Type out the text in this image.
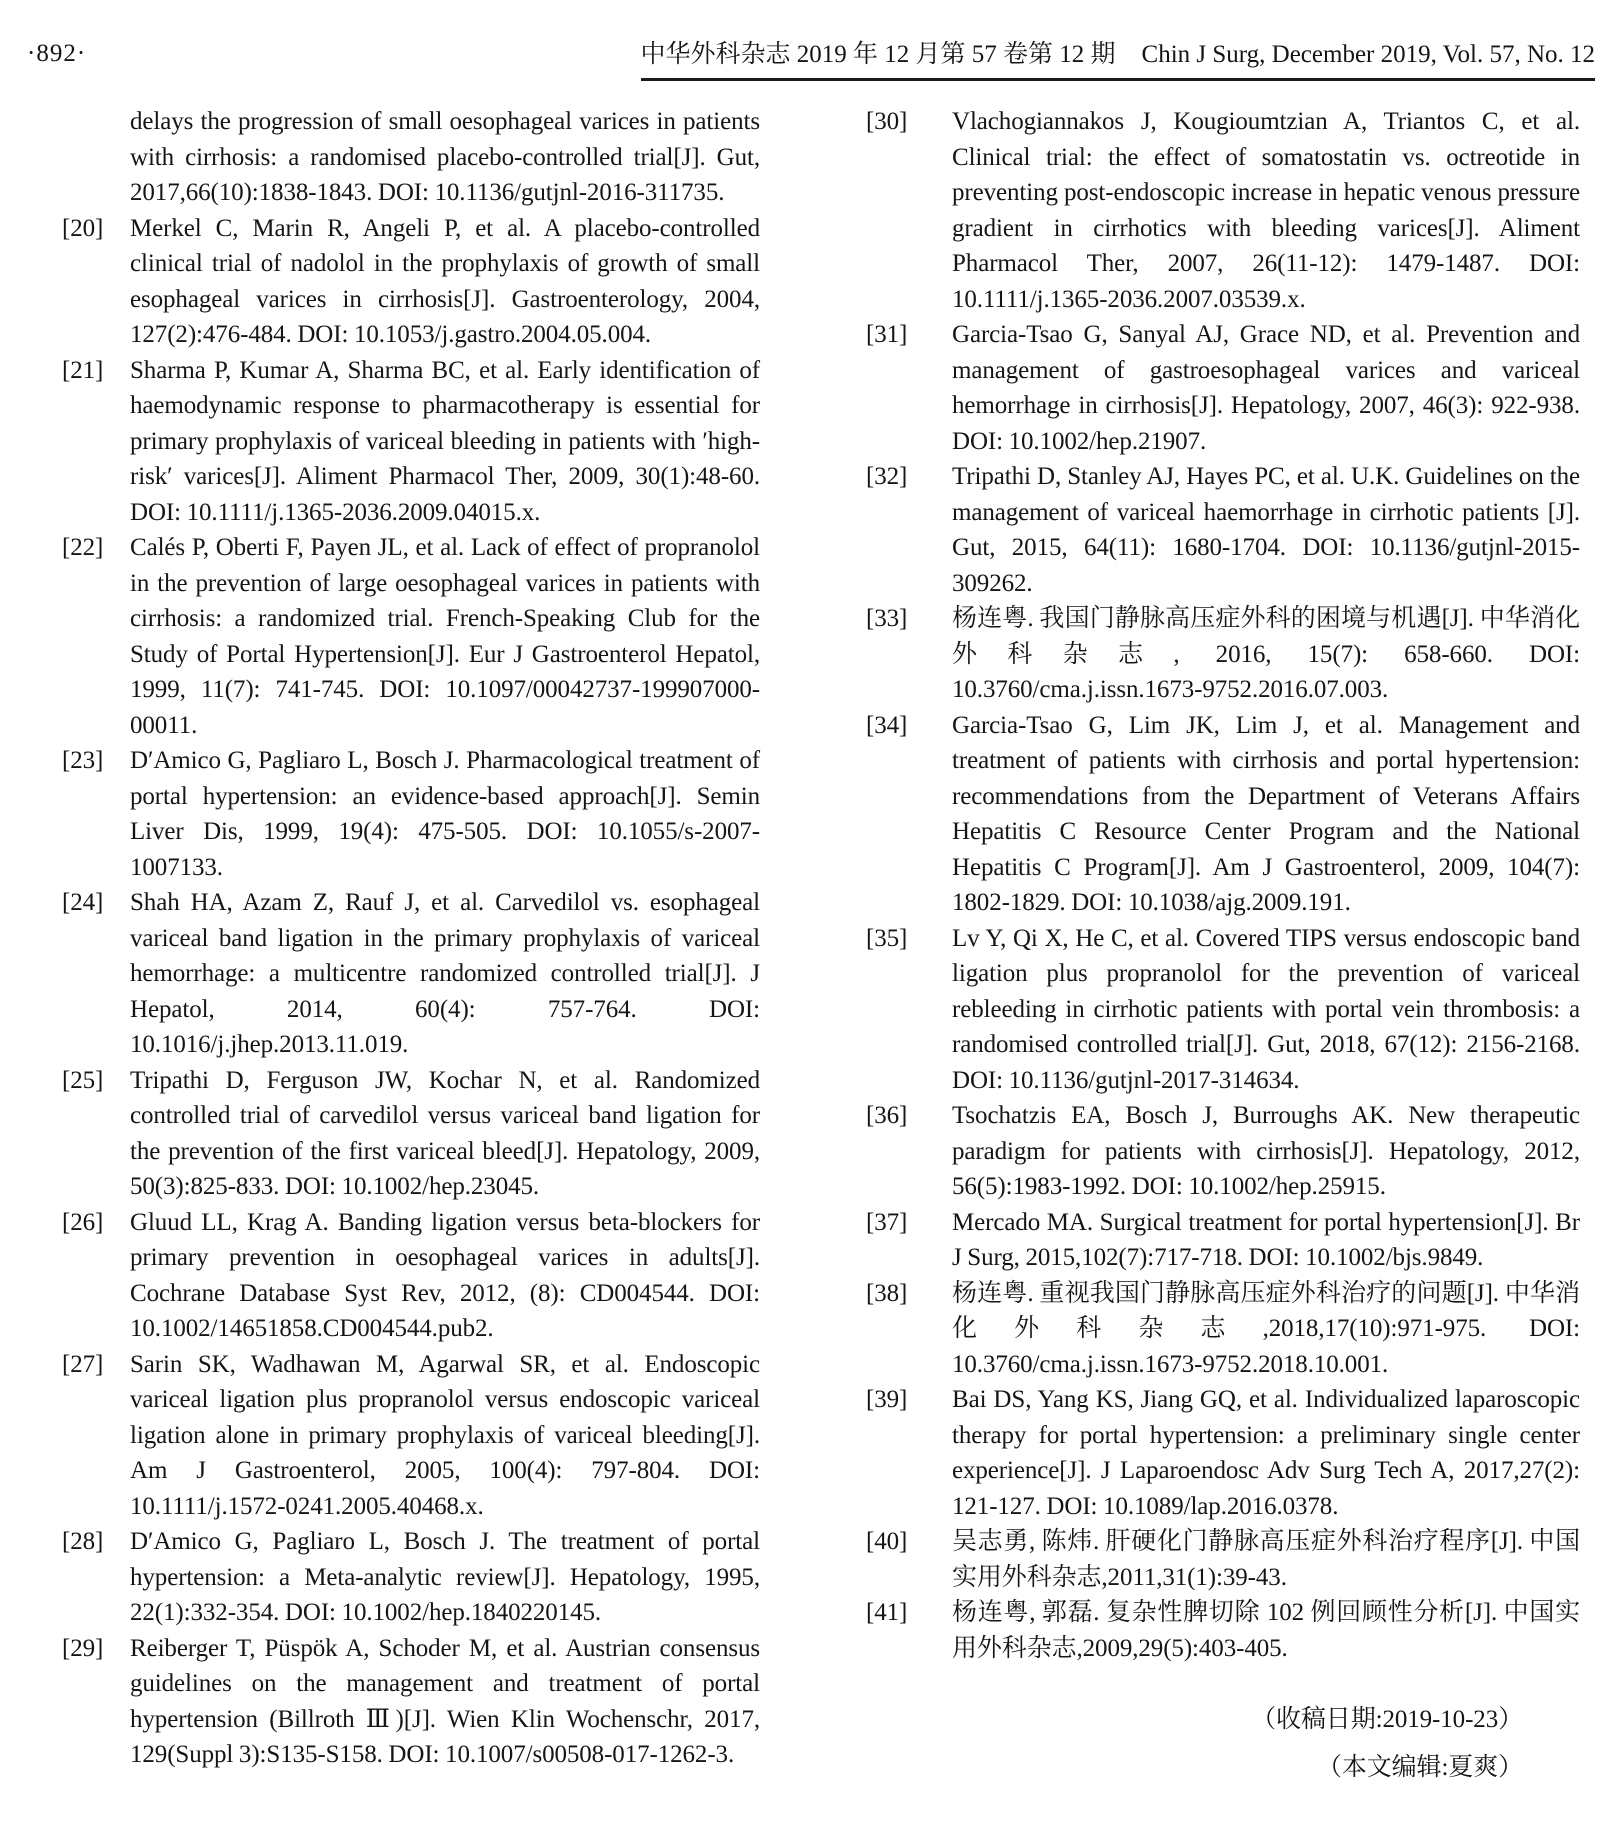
·892·	中华外科杂志 2019 年 12 月第 57 卷第 12 期 Chin J Surg, December 2019, Vol. 57, No. 12
delays the progression of small oesophageal varices in patients with cirrhosis: a randomised placebo-controlled trial[J]. Gut, 2017,66(10):1838-1843. DOI: 10.1136/gutjnl-2016-311735.
[20] Merkel C, Marin R, Angeli P, et al. A placebo-controlled clinical trial of nadolol in the prophylaxis of growth of small esophageal varices in cirrhosis[J]. Gastroenterology, 2004, 127(2):476-484. DOI: 10.1053/j.gastro.2004.05.004.
[21] Sharma P, Kumar A, Sharma BC, et al. Early identification of haemodynamic response to pharmacotherapy is essential for primary prophylaxis of variceal bleeding in patients with ′high-risk′ varices[J]. Aliment Pharmacol Ther, 2009, 30(1):48-60. DOI: 10.1111/j.1365-2036.2009.04015.x.
[22] Calés P, Oberti F, Payen JL, et al. Lack of effect of propranolol in the prevention of large oesophageal varices in patients with cirrhosis: a randomized trial. French-Speaking Club for the Study of Portal Hypertension[J]. Eur J Gastroenterol Hepatol, 1999, 11(7): 741-745. DOI: 10.1097/00042737-199907000-00011.
[23] D′Amico G, Pagliaro L, Bosch J. Pharmacological treatment of portal hypertension: an evidence-based approach[J]. Semin Liver Dis, 1999, 19(4): 475-505. DOI: 10.1055/s-2007-1007133.
[24] Shah HA, Azam Z, Rauf J, et al. Carvedilol vs. esophageal variceal band ligation in the primary prophylaxis of variceal hemorrhage: a multicentre randomized controlled trial[J]. J Hepatol, 2014, 60(4): 757-764. DOI: 10.1016/j.jhep.2013.11.019.
[25] Tripathi D, Ferguson JW, Kochar N, et al. Randomized controlled trial of carvedilol versus variceal band ligation for the prevention of the first variceal bleed[J]. Hepatology, 2009, 50(3):825-833. DOI: 10.1002/hep.23045.
[26] Gluud LL, Krag A. Banding ligation versus beta-blockers for primary prevention in oesophageal varices in adults[J]. Cochrane Database Syst Rev, 2012, (8): CD004544. DOI: 10.1002/14651858.CD004544.pub2.
[27] Sarin SK, Wadhawan M, Agarwal SR, et al. Endoscopic variceal ligation plus propranolol versus endoscopic variceal ligation alone in primary prophylaxis of variceal bleeding[J]. Am J Gastroenterol, 2005, 100(4): 797-804. DOI: 10.1111/j.1572-0241.2005.40468.x.
[28] D′Amico G, Pagliaro L, Bosch J. The treatment of portal hypertension: a Meta-analytic review[J]. Hepatology, 1995, 22(1):332-354. DOI: 10.1002/hep.1840220145.
[29] Reiberger T, Püspök A, Schoder M, et al. Austrian consensus guidelines on the management and treatment of portal hypertension (Billroth Ⅲ)[J]. Wien Klin Wochenschr, 2017, 129(Suppl 3):S135-S158. DOI: 10.1007/s00508-017-1262-3.
[30] Vlachogiannakos J, Kougioumtzian A, Triantos C, et al. Clinical trial: the effect of somatostatin vs. octreotide in preventing post-endoscopic increase in hepatic venous pressure gradient in cirrhotics with bleeding varices[J]. Aliment Pharmacol Ther, 2007, 26(11-12): 1479-1487. DOI: 10.1111/j.1365-2036.2007.03539.x.
[31] Garcia-Tsao G, Sanyal AJ, Grace ND, et al. Prevention and management of gastroesophageal varices and variceal hemorrhage in cirrhosis[J]. Hepatology, 2007, 46(3): 922-938. DOI: 10.1002/hep.21907.
[32] Tripathi D, Stanley AJ, Hayes PC, et al. U.K. Guidelines on the management of variceal haemorrhage in cirrhotic patients [J]. Gut, 2015, 64(11): 1680-1704. DOI: 10.1136/gutjnl-2015-309262.
[33] 杨连粤. 我国门静脉高压症外科的困境与机遇[J]. 中华消化外科杂志, 2016, 15(7): 658-660. DOI: 10.3760/cma.j.issn.1673-9752.2016.07.003.
[34] Garcia-Tsao G, Lim JK, Lim J, et al. Management and treatment of patients with cirrhosis and portal hypertension: recommendations from the Department of Veterans Affairs Hepatitis C Resource Center Program and the National Hepatitis C Program[J]. Am J Gastroenterol, 2009, 104(7): 1802-1829. DOI: 10.1038/ajg.2009.191.
[35] Lv Y, Qi X, He C, et al. Covered TIPS versus endoscopic band ligation plus propranolol for the prevention of variceal rebleeding in cirrhotic patients with portal vein thrombosis: a randomised controlled trial[J]. Gut, 2018, 67(12): 2156-2168. DOI: 10.1136/gutjnl-2017-314634.
[36] Tsochatzis EA, Bosch J, Burroughs AK. New therapeutic paradigm for patients with cirrhosis[J]. Hepatology, 2012, 56(5):1983-1992. DOI: 10.1002/hep.25915.
[37] Mercado MA. Surgical treatment for portal hypertension[J]. Br J Surg, 2015,102(7):717-718. DOI: 10.1002/bjs.9849.
[38] 杨连粤. 重视我国门静脉高压症外科治疗的问题[J]. 中华消化外科杂志,2018,17(10):971-975. DOI: 10.3760/cma.j.issn.1673-9752.2018.10.001.
[39] Bai DS, Yang KS, Jiang GQ, et al. Individualized laparoscopic therapy for portal hypertension: a preliminary single center experience[J]. J Laparoendosc Adv Surg Tech A, 2017,27(2): 121-127. DOI: 10.1089/lap.2016.0378.
[40] 吴志勇, 陈炜. 肝硬化门静脉高压症外科治疗程序[J]. 中国实用外科杂志,2011,31(1):39-43.
[41] 杨连粤, 郭磊. 复杂性脾切除 102 例回顾性分析[J]. 中国实用外科杂志,2009,29(5):403-405.
（收稿日期:2019-10-23）
（本文编辑:夏爽）
